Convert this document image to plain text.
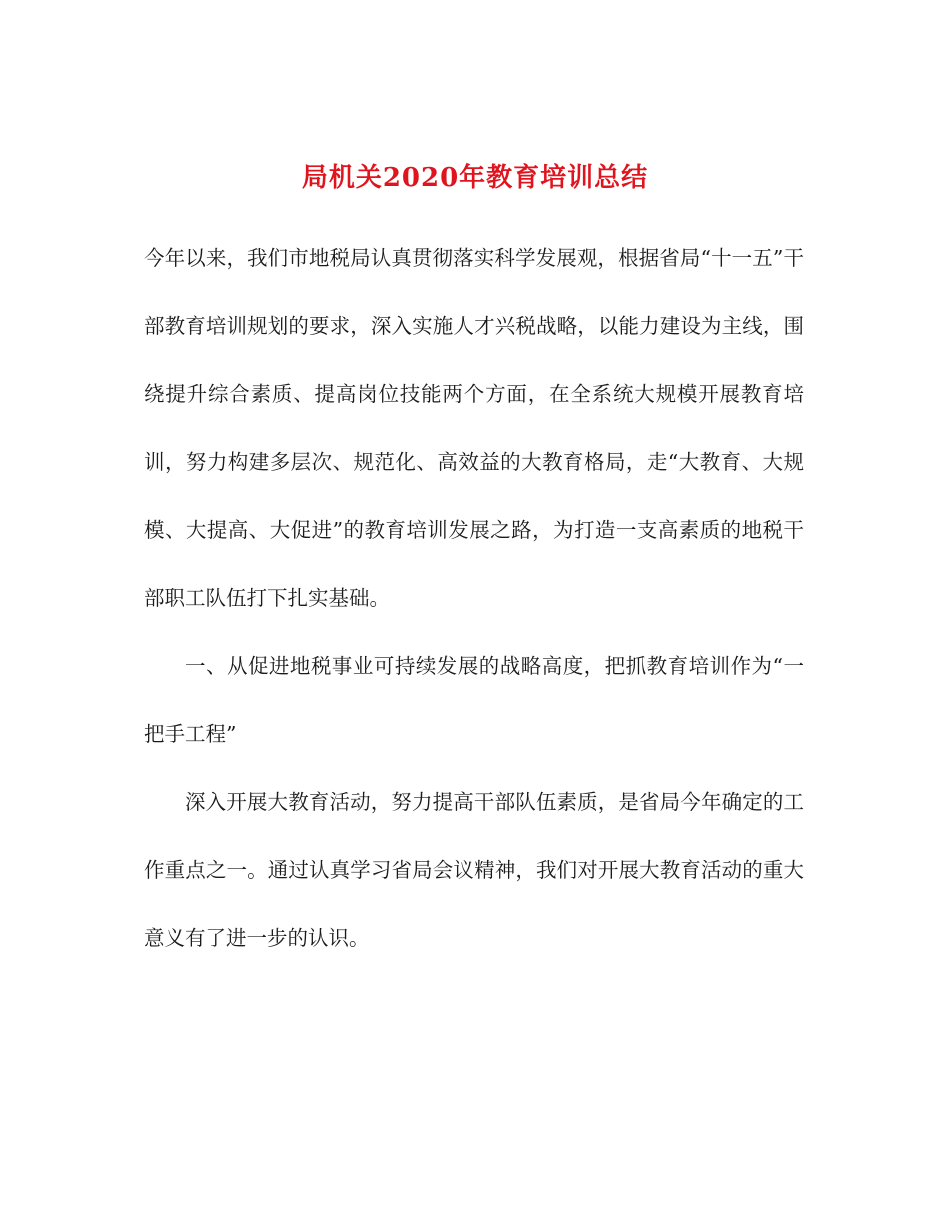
局机关2020年教育培训总结

今年以来，我们市地税局认真贯彻落实科学发展观，根据省局“十一五”干部教育培训规划的要求，深入实施人才兴税战略，以能力建设为主线，围绕提升综合素质、提高岗位技能两个方面，在全系统大规模开展教育培训，努力构建多层次、规范化、高效益的大教育格局，走“大教育、大规模、大提高、大促进”的教育培训发展之路，为打造一支高素质的地税干部职工队伍打下扎实基础。

一、从促进地税事业可持续发展的战略高度，把抓教育培训作为“一把手工程”

深入开展大教育活动，努力提高干部队伍素质，是省局今年确定的工作重点之一。通过认真学习省局会议精神，我们对开展大教育活动的重大意义有了进一步的认识。
